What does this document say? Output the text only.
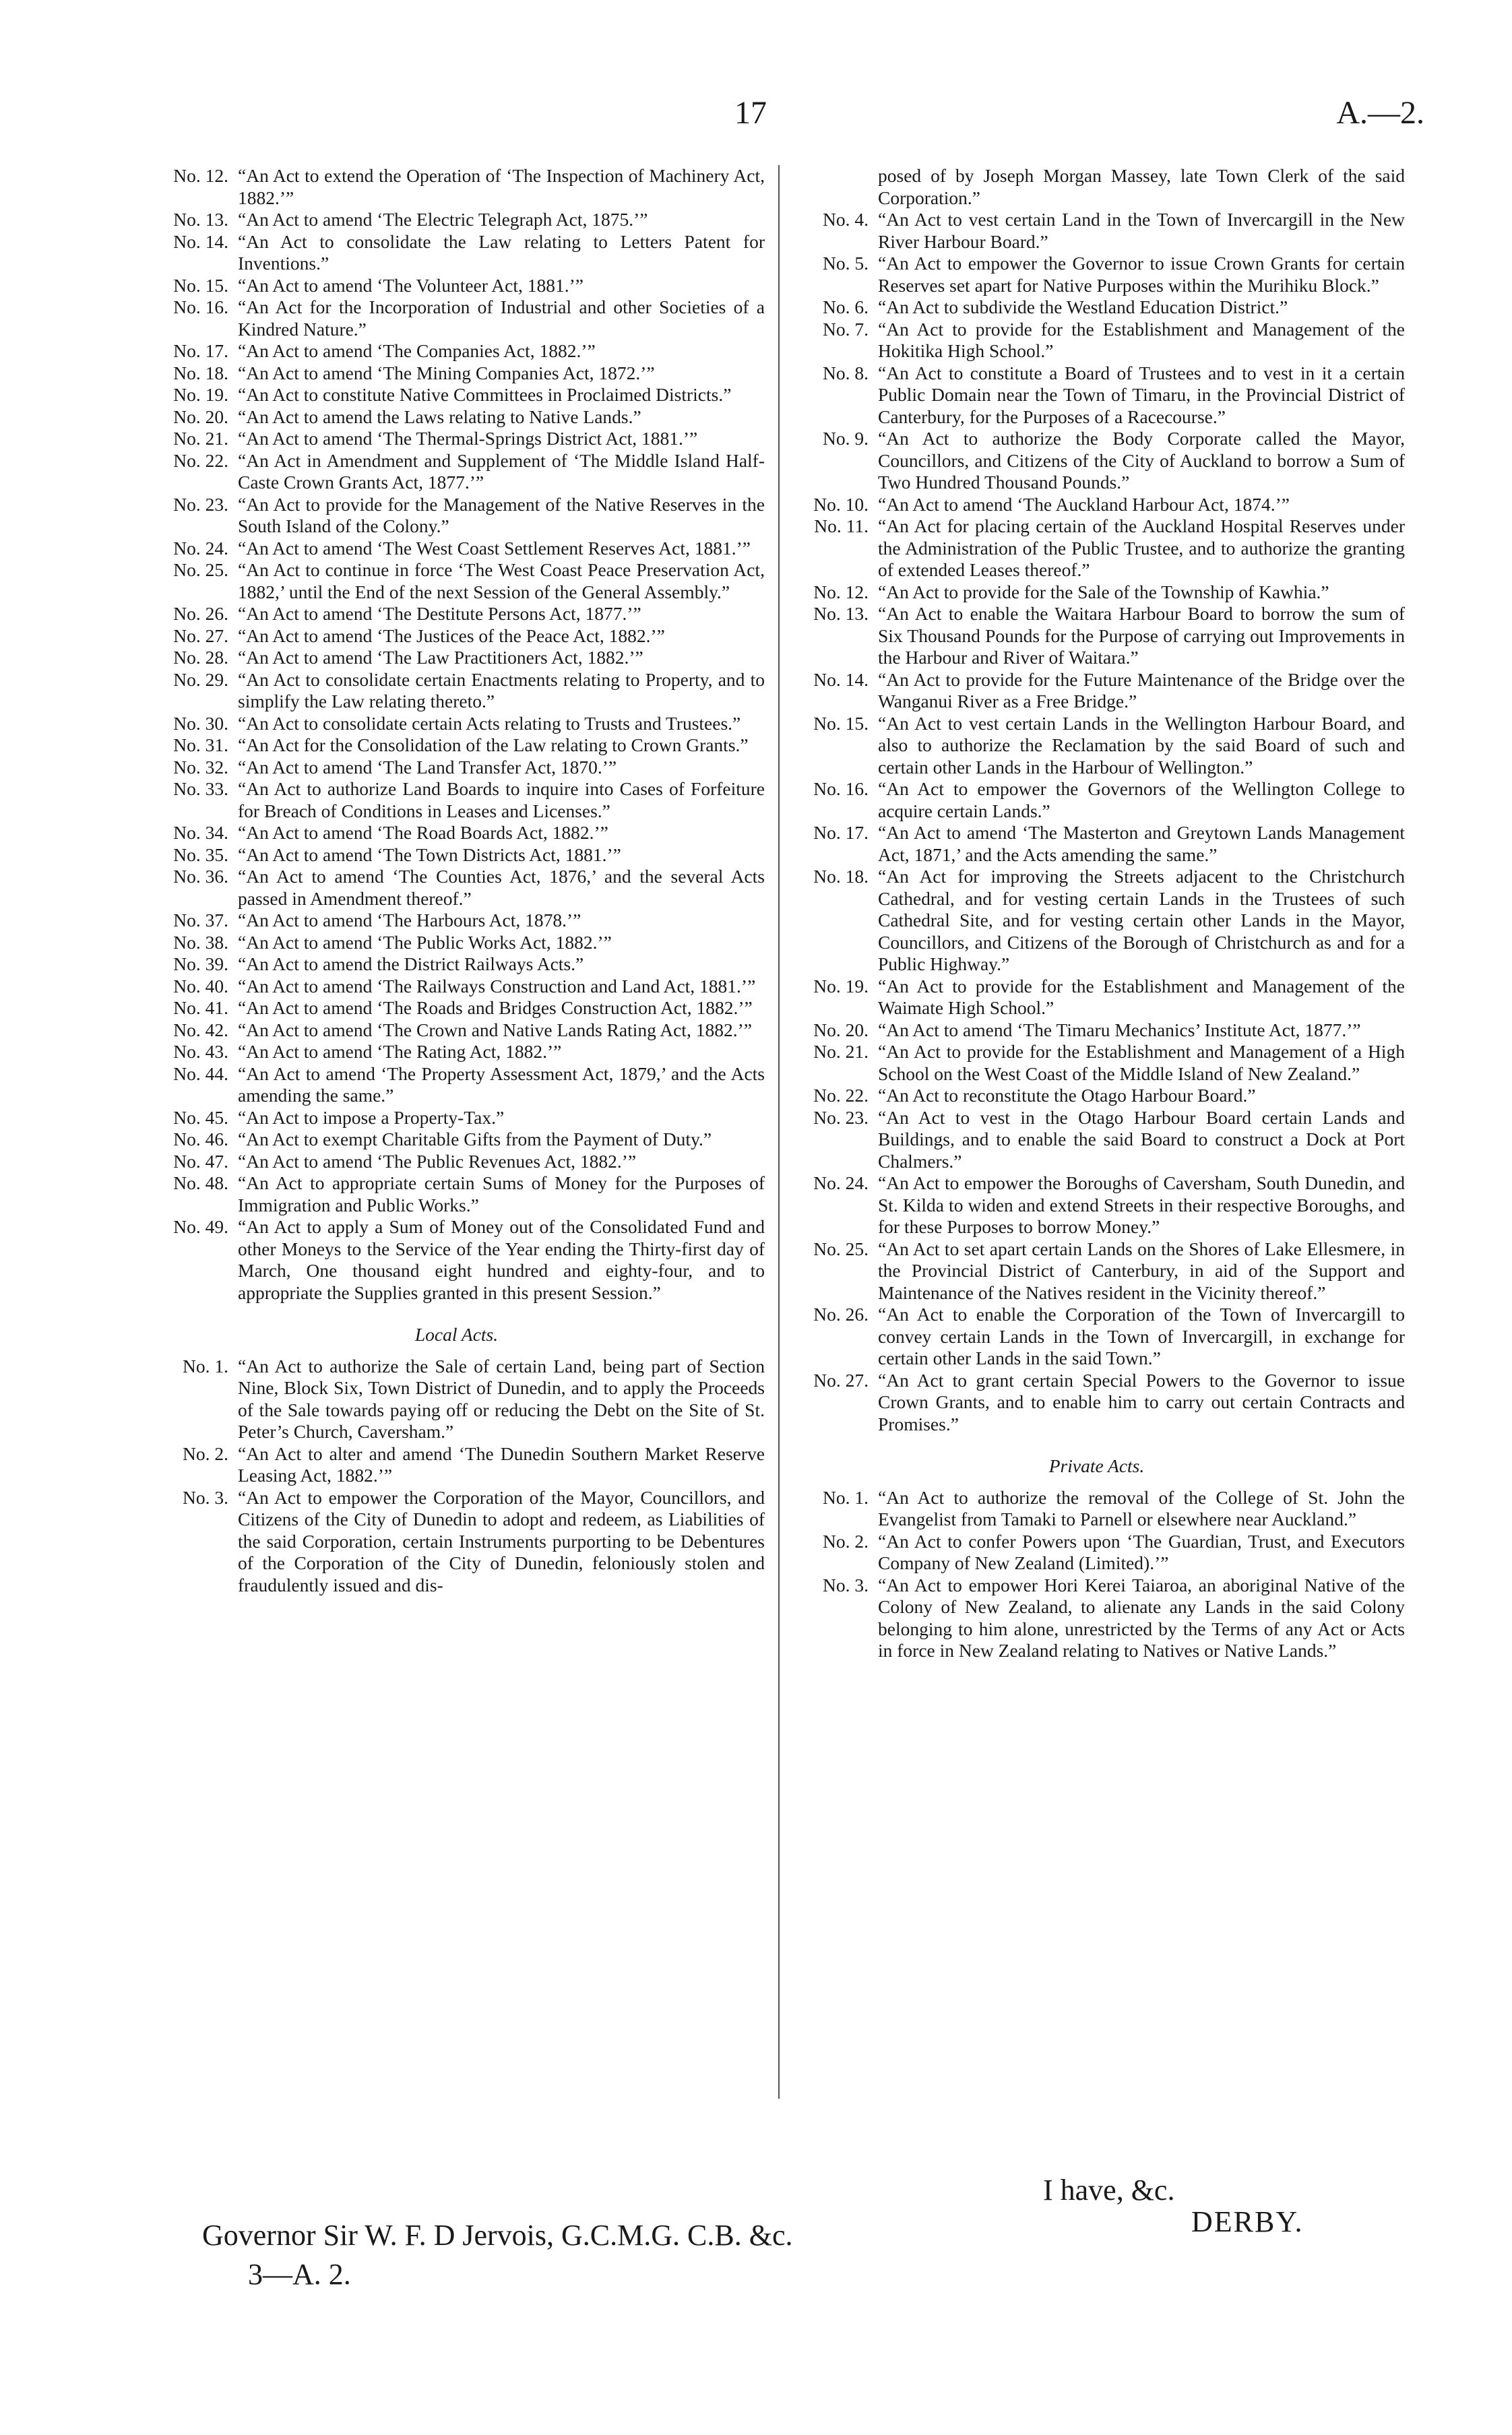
17	A.—2.
No. 12. “An Act to extend the Operation of ‘The Inspection of Machinery Act, 1882.’”
No. 13. “An Act to amend ‘The Electric Telegraph Act, 1875.’”
No. 14. “An Act to consolidate the Law relating to Letters Patent for Inventions.”
No. 15. “An Act to amend ‘The Volunteer Act, 1881.’”
No. 16. “An Act for the Incorporation of Industrial and other Societies of a Kindred Nature.”
No. 17. “An Act to amend ‘The Companies Act, 1882.’”
No. 18. “An Act to amend ‘The Mining Companies Act, 1872.’”
No. 19. “An Act to constitute Native Committees in Proclaimed Districts.”
No. 20. “An Act to amend the Laws relating to Native Lands.”
No. 21. “An Act to amend ‘The Thermal-Springs District Act, 1881.’”
No. 22. “An Act in Amendment and Supplement of ‘The Middle Island Half-Caste Crown Grants Act, 1877.’”
No. 23. “An Act to provide for the Management of the Native Reserves in the South Island of the Colony.”
No. 24. “An Act to amend ‘The West Coast Settlement Reserves Act, 1881.’”
No. 25. “An Act to continue in force ‘The West Coast Peace Preservation Act, 1882,’ until the End of the next Session of the General Assembly.”
No. 26. “An Act to amend ‘The Destitute Persons Act, 1877.’”
No. 27. “An Act to amend ‘The Justices of the Peace Act, 1882.’”
No. 28. “An Act to amend ‘The Law Practitioners Act, 1882.’”
No. 29. “An Act to consolidate certain Enactments relating to Property, and to simplify the Law relating thereto.”
No. 30. “An Act to consolidate certain Acts relating to Trusts and Trustees.”
No. 31. “An Act for the Consolidation of the Law relating to Crown Grants.”
No. 32. “An Act to amend ‘The Land Transfer Act, 1870.’”
No. 33. “An Act to authorize Land Boards to inquire into Cases of Forfeiture for Breach of Conditions in Leases and Licenses.”
No. 34. “An Act to amend ‘The Road Boards Act, 1882.’”
No. 35. “An Act to amend ‘The Town Districts Act, 1881.’”
No. 36. “An Act to amend ‘The Counties Act, 1876,’ and the several Acts passed in Amendment thereof.”
No. 37. “An Act to amend ‘The Harbours Act, 1878.’”
No. 38. “An Act to amend ‘The Public Works Act, 1882.’”
No. 39. “An Act to amend the District Railways Acts.”
No. 40. “An Act to amend ‘The Railways Construction and Land Act, 1881.’”
No. 41. “An Act to amend ‘The Roads and Bridges Construction Act, 1882.’”
No. 42. “An Act to amend ‘The Crown and Native Lands Rating Act, 1882.’”
No. 43. “An Act to amend ‘The Rating Act, 1882.’”
No. 44. “An Act to amend ‘The Property Assessment Act, 1879,’ and the Acts amending the same.”
No. 45. “An Act to impose a Property-Tax.”
No. 46. “An Act to exempt Charitable Gifts from the Payment of Duty.”
No. 47. “An Act to amend ‘The Public Revenues Act, 1882.’”
No. 48. “An Act to appropriate certain Sums of Money for the Purposes of Immigration and Public Works.”
No. 49. “An Act to apply a Sum of Money out of the Consolidated Fund and other Moneys to the Service of the Year ending the Thirty-first day of March, One thousand eight hundred and eighty-four, and to appropriate the Supplies granted in this present Session.”
Local Acts.
No. 1. “An Act to authorize the Sale of certain Land, being part of Section Nine, Block Six, Town District of Dunedin, and to apply the Proceeds of the Sale towards paying off or reducing the Debt on the Site of St. Peter’s Church, Caversham.”
No. 2. “An Act to alter and amend ‘The Dunedin Southern Market Reserve Leasing Act, 1882.’”
No. 3. “An Act to empower the Corporation of the Mayor, Councillors, and Citizens of the City of Dunedin to adopt and redeem, as Liabilities of the said Corporation, certain Instruments purporting to be Debentures of the Corporation of the City of Dunedin, feloniously stolen and fraudulently issued and dis-
posed of by Joseph Morgan Massey, late Town Clerk of the said Corporation.”
No. 4. “An Act to vest certain Land in the Town of Invercargill in the New River Harbour Board.”
No. 5. “An Act to empower the Governor to issue Crown Grants for certain Reserves set apart for Native Purposes within the Murihiku Block.”
No. 6. “An Act to subdivide the Westland Education District.”
No. 7. “An Act to provide for the Establishment and Management of the Hokitika High School.”
No. 8. “An Act to constitute a Board of Trustees and to vest in it a certain Public Domain near the Town of Timaru, in the Provincial District of Canterbury, for the Purposes of a Racecourse.”
No. 9. “An Act to authorize the Body Corporate called the Mayor, Councillors, and Citizens of the City of Auckland to borrow a Sum of Two Hundred Thousand Pounds.”
No. 10. “An Act to amend ‘The Auckland Harbour Act, 1874.’”
No. 11. “An Act for placing certain of the Auckland Hospital Reserves under the Administration of the Public Trustee, and to authorize the granting of extended Leases thereof.”
No. 12. “An Act to provide for the Sale of the Township of Kawhia.”
No. 13. “An Act to enable the Waitara Harbour Board to borrow the sum of Six Thousand Pounds for the Purpose of carrying out Improvements in the Harbour and River of Waitara.”
No. 14. “An Act to provide for the Future Maintenance of the Bridge over the Wanganui River as a Free Bridge.”
No. 15. “An Act to vest certain Lands in the Wellington Harbour Board, and also to authorize the Reclamation by the said Board of such and certain other Lands in the Harbour of Wellington.”
No. 16. “An Act to empower the Governors of the Wellington College to acquire certain Lands.”
No. 17. “An Act to amend ‘The Masterton and Greytown Lands Management Act, 1871,’ and the Acts amending the same.”
No. 18. “An Act for improving the Streets adjacent to the Christchurch Cathedral, and for vesting certain Lands in the Trustees of such Cathedral Site, and for vesting certain other Lands in the Mayor, Councillors, and Citizens of the Borough of Christchurch as and for a Public Highway.”
No. 19. “An Act to provide for the Establishment and Management of the Waimate High School.”
No. 20. “An Act to amend ‘The Timaru Mechanics’ Institute Act, 1877.’”
No. 21. “An Act to provide for the Establishment and Management of a High School on the West Coast of the Middle Island of New Zealand.”
No. 22. “An Act to reconstitute the Otago Harbour Board.”
No. 23. “An Act to vest in the Otago Harbour Board certain Lands and Buildings, and to enable the said Board to construct a Dock at Port Chalmers.”
No. 24. “An Act to empower the Boroughs of Caversham, South Dunedin, and St. Kilda to widen and extend Streets in their respective Boroughs, and for these Purposes to borrow Money.”
No. 25. “An Act to set apart certain Lands on the Shores of Lake Ellesmere, in the Provincial District of Canterbury, in aid of the Support and Maintenance of the Natives resident in the Vicinity thereof.”
No. 26. “An Act to enable the Corporation of the Town of Invercargill to convey certain Lands in the Town of Invercargill, in exchange for certain other Lands in the said Town.”
No. 27. “An Act to grant certain Special Powers to the Governor to issue Crown Grants, and to enable him to carry out certain Contracts and Promises.”
Private Acts.
No. 1. “An Act to authorize the removal of the College of St. John the Evangelist from Tamaki to Parnell or elsewhere near Auckland.”
No. 2. “An Act to confer Powers upon ‘The Guardian, Trust, and Executors Company of New Zealand (Limited).’”
No. 3. “An Act to empower Hori Kerei Taiaroa, an aboriginal Native of the Colony of New Zealand, to alienate any Lands in the said Colony belonging to him alone, unrestricted by the Terms of any Act or Acts in force in New Zealand relating to Natives or Native Lands.”
I have, &c.
DERBY.
Governor Sir W. F. D Jervois, G.C.M.G. C.B. &c.
3—A. 2.
